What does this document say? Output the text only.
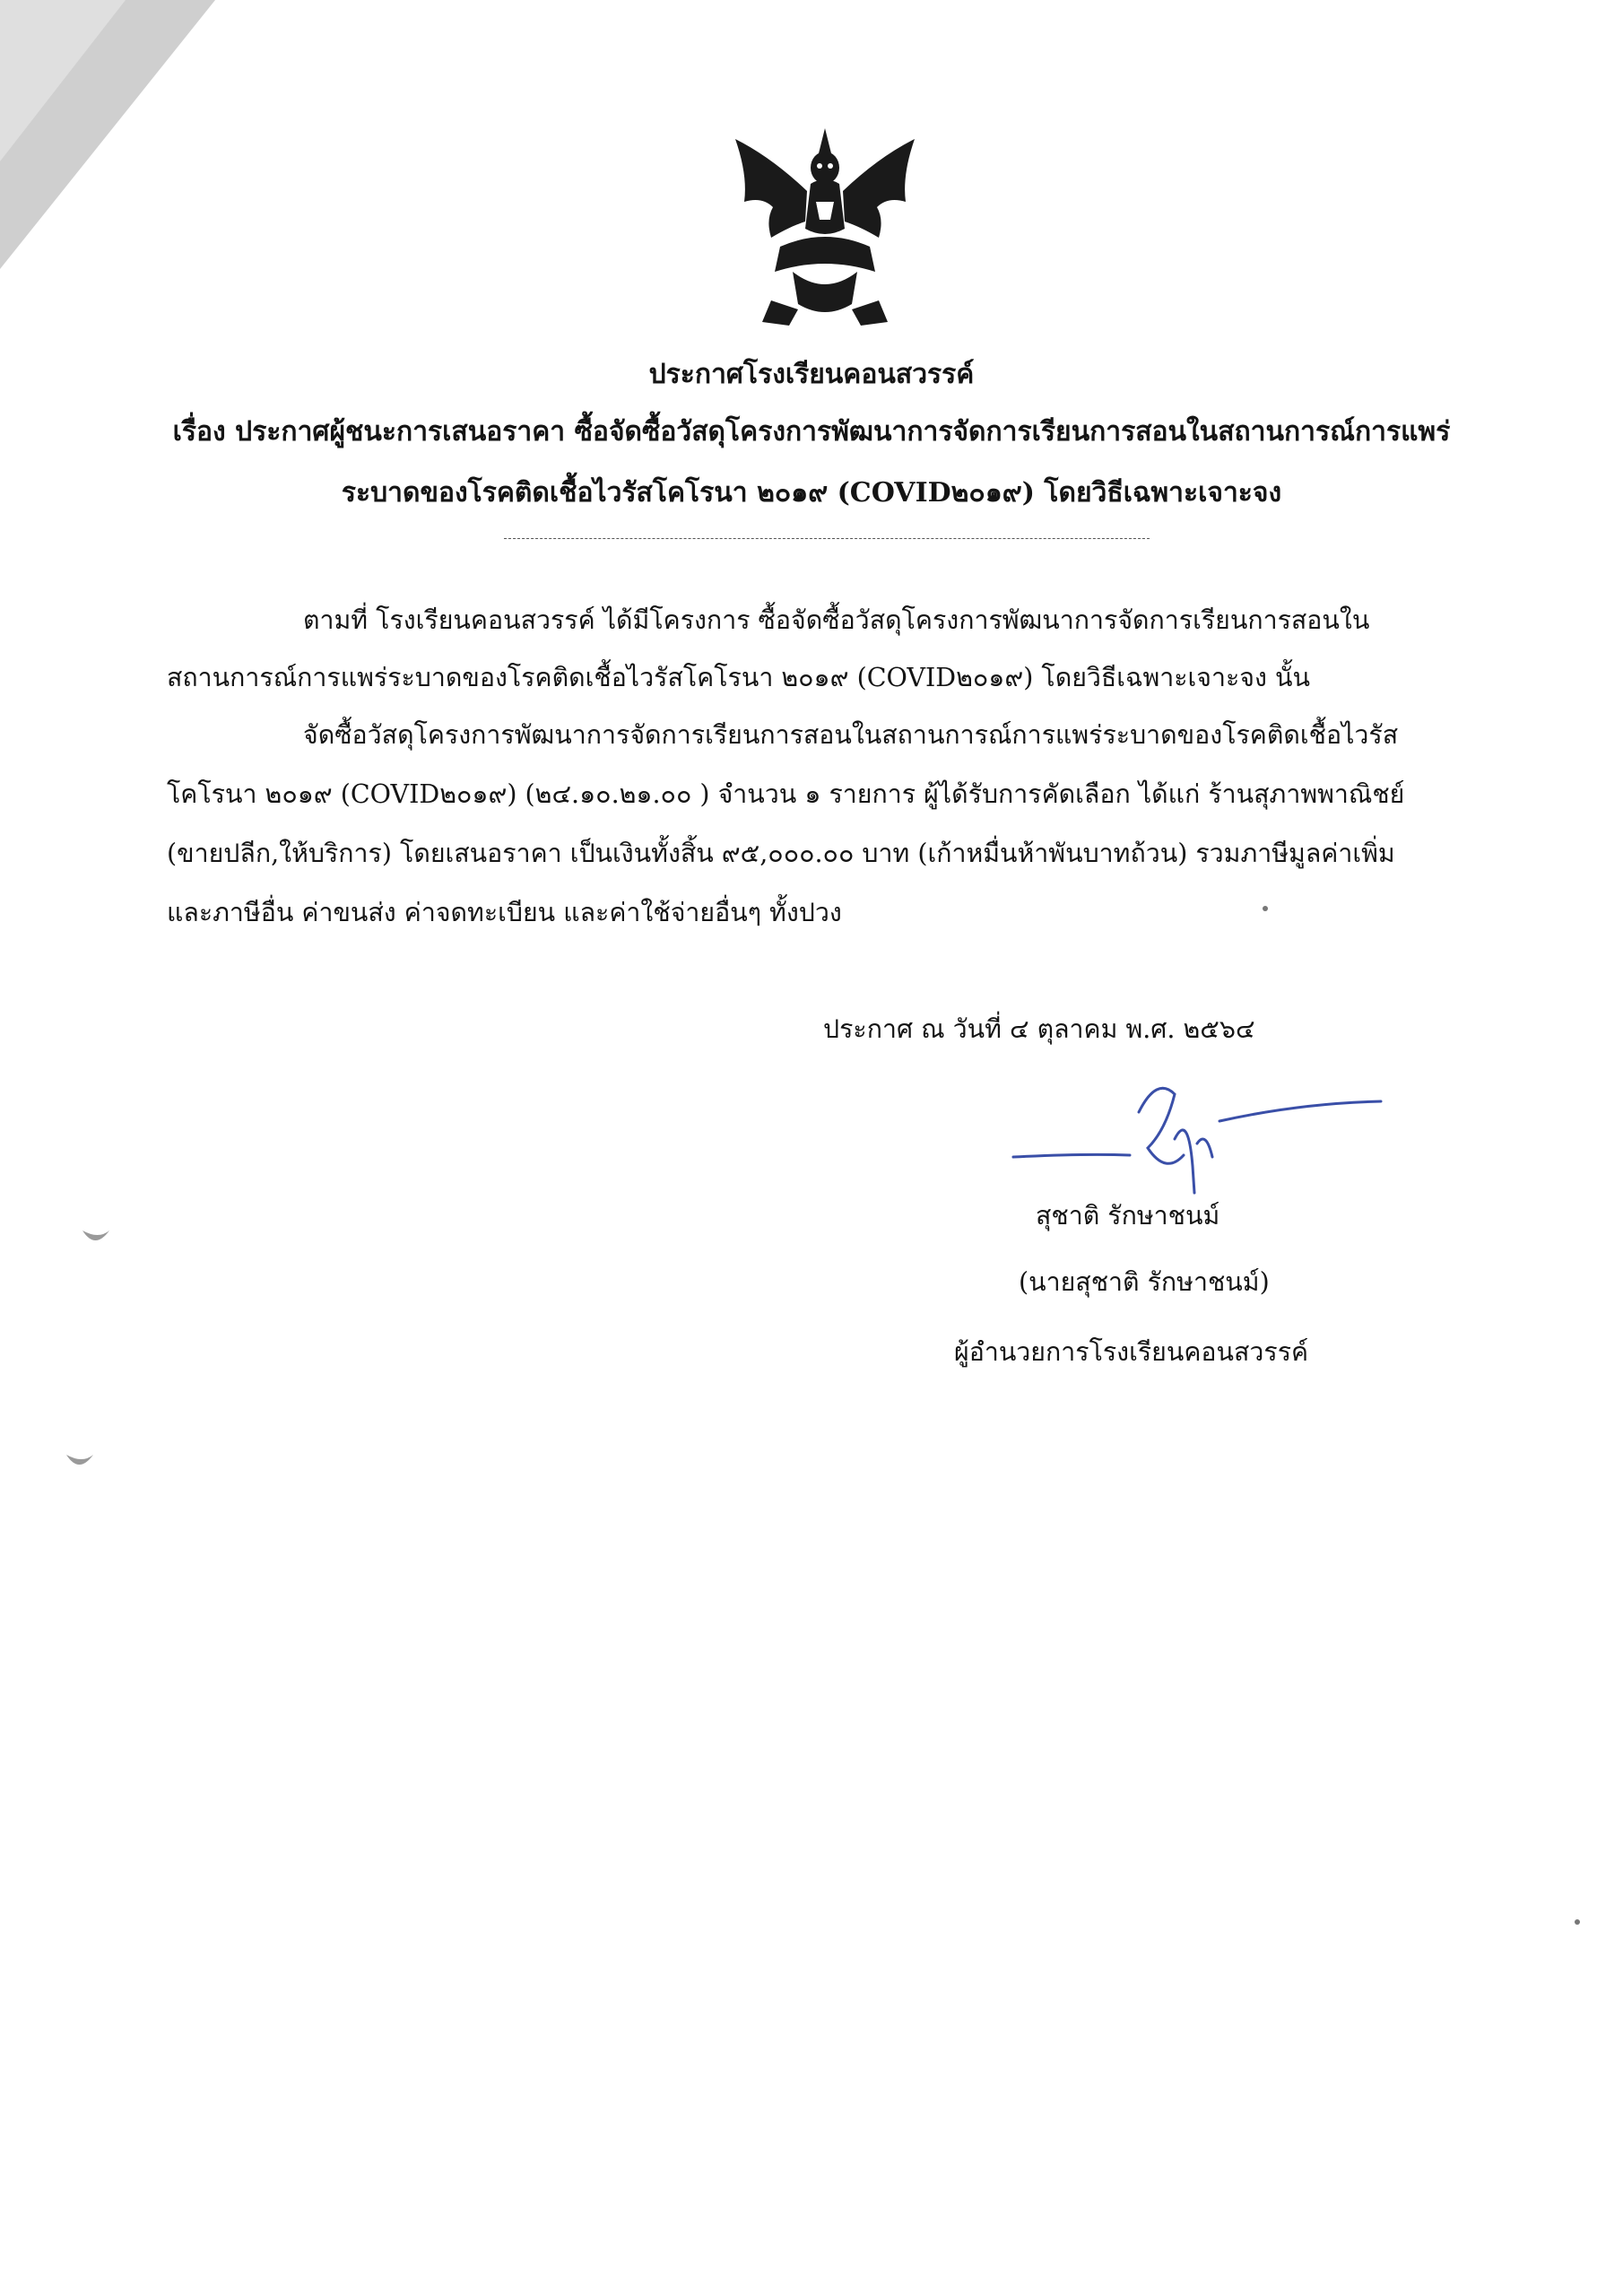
ประกาศโรงเรียนคอนสวรรค์
เรื่อง ประกาศผู้ชนะการเสนอราคา ซื้อจัดซื้อวัสดุโครงการพัฒนาการจัดการเรียนการสอนในสถานการณ์การแพร่
ระบาดของโรคติดเชื้อไวรัสโคโรนา ๒๐๑๙ (COVID๒๐๑๙) โดยวิธีเฉพาะเจาะจง
ตามที่ โรงเรียนคอนสวรรค์ ได้มีโครงการ ซื้อจัดซื้อวัสดุโครงการพัฒนาการจัดการเรียนการสอนใน
สถานการณ์การแพร่ระบาดของโรคติดเชื้อไวรัสโคโรนา ๒๐๑๙ (COVID๒๐๑๙) โดยวิธีเฉพาะเจาะจง นั้น
จัดซื้อวัสดุโครงการพัฒนาการจัดการเรียนการสอนในสถานการณ์การแพร่ระบาดของโรคติดเชื้อไวรัส
โคโรนา ๒๐๑๙ (COVID๒๐๑๙) (๒๔.๑๐.๒๑.๐๐ ) จำนวน ๑ รายการ ผู้ได้รับการคัดเลือก ได้แก่ ร้านสุภาพพาณิชย์
(ขายปลีก,ให้บริการ) โดยเสนอราคา เป็นเงินทั้งสิ้น ๙๕,๐๐๐.๐๐ บาท (เก้าหมื่นห้าพันบาทถ้วน) รวมภาษีมูลค่าเพิ่ม
และภาษีอื่น ค่าขนส่ง ค่าจดทะเบียน และค่าใช้จ่ายอื่นๆ ทั้งปวง
ประกาศ ณ วันที่ ๔ ตุลาคม พ.ศ. ๒๕๖๔
สุชาติ รักษาชนม์
(นายสุชาติ รักษาชนม์)
ผู้อำนวยการโรงเรียนคอนสวรรค์
